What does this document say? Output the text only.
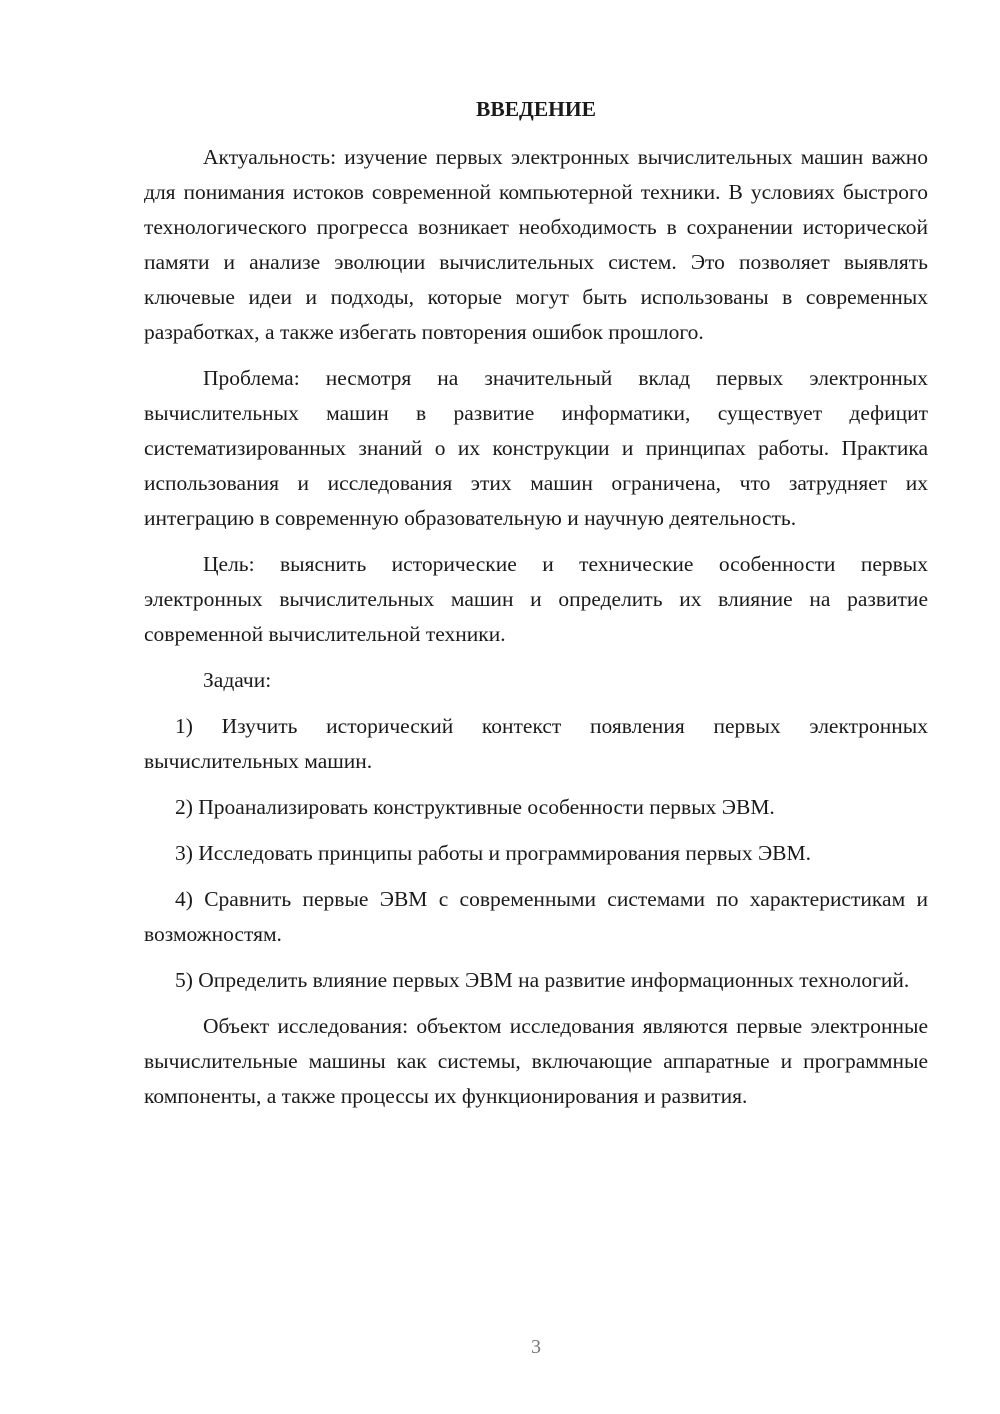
ВВЕДЕНИЕ

Актуальность: изучение первых электронных вычислительных машин важно для понимания истоков современной компьютерной техники. В условиях быстрого технологического прогресса возникает необходимость в сохранении исторической памяти и анализе эволюции вычислительных систем. Это позволяет выявлять ключевые идеи и подходы, которые могут быть использованы в современных разработках, а также избегать повторения ошибок прошлого.

Проблема: несмотря на значительный вклад первых электронных вычислительных машин в развитие информатики, существует дефицит систематизированных знаний о их конструкции и принципах работы. Практика использования и исследования этих машин ограничена, что затрудняет их интеграцию в современную образовательную и научную деятельность.

Цель: выяснить исторические и технические особенности первых электронных вычислительных машин и определить их влияние на развитие современной вычислительной техники.

Задачи:

1) Изучить исторический контекст появления первых электронных вычислительных машин.

2) Проанализировать конструктивные особенности первых ЭВМ.

3) Исследовать принципы работы и программирования первых ЭВМ.

4) Сравнить первые ЭВМ с современными системами по характеристикам и возможностям.

5) Определить влияние первых ЭВМ на развитие информационных технологий.

Объект исследования: объектом исследования являются первые электронные вычислительные машины как системы, включающие аппаратные и программные компоненты, а также процессы их функционирования и развития.

3
